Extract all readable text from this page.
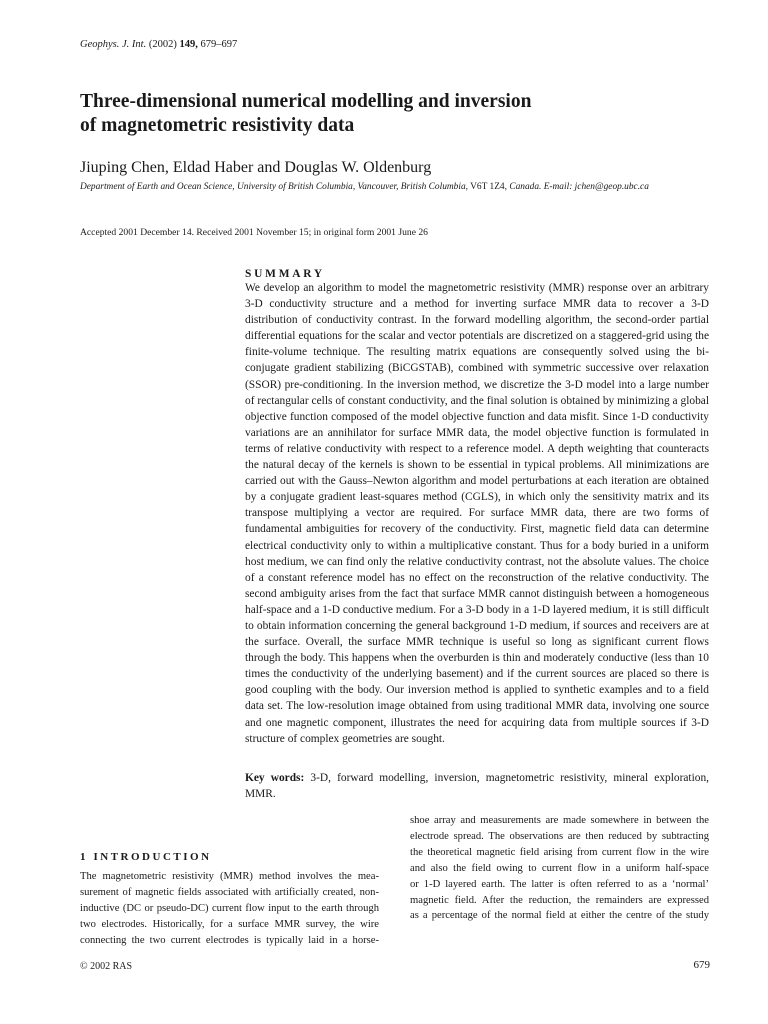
Geophys. J. Int. (2002) 149, 679–697
Three-dimensional numerical modelling and inversion
of magnetometric resistivity data
Jiuping Chen, Eldad Haber and Douglas W. Oldenburg
Department of Earth and Ocean Science, University of British Columbia, Vancouver, British Columbia, V6T 1Z4, Canada. E-mail: jchen@geop.ubc.ca
Accepted 2001 December 14. Received 2001 November 15; in original form 2001 June 26
SUMMARY
We develop an algorithm to model the magnetometric resistivity (MMR) response over an arbitrary 3-D conductivity structure and a method for inverting surface MMR data to recover a 3-D distribution of conductivity contrast. In the forward modelling algorithm, the second-order partial differential equations for the scalar and vector potentials are discretized on a staggered-grid using the finite-volume technique. The resulting matrix equations are consequently solved using the bi-conjugate gradient stabilizing (BiCGSTAB), combined with symmetric successive over relaxation (SSOR) pre-conditioning. In the inversion method, we discretize the 3-D model into a large number of rectangular cells of constant conductivity, and the final solution is obtained by minimizing a global objective function composed of the model objective function and data misfit. Since 1-D conductivity variations are an annihilator for surface MMR data, the model objective function is formulated in terms of relative conductivity with respect to a reference model. A depth weighting that counteracts the natural decay of the kernels is shown to be essential in typical problems. All minimizations are carried out with the Gauss–Newton algorithm and model perturbations at each iteration are obtained by a conjugate gradient least-squares method (CGLS), in which only the sensitivity matrix and its transpose multiplying a vector are required. For surface MMR data, there are two forms of fundamental ambiguities for recovery of the conductivity. First, magnetic field data can determine electrical conductivity only to within a multiplicative constant. Thus for a body buried in a uniform host medium, we can find only the relative conductivity contrast, not the absolute values. The choice of a constant reference model has no effect on the reconstruction of the relative conductivity. The second ambiguity arises from the fact that surface MMR cannot distinguish between a homogeneous half-space and a 1-D conductive medium. For a 3-D body in a 1-D layered medium, it is still difficult to obtain information concerning the general background 1-D medium, if sources and receivers are at the surface. Overall, the surface MMR technique is useful so long as significant current flows through the body. This happens when the overburden is thin and moderately conductive (less than 10 times the conductivity of the underlying basement) and if the current sources are placed so there is good coupling with the body. Our inversion method is applied to synthetic examples and to a field data set. The low-resolution image obtained from using traditional MMR data, involving one source and one magnetic component, illustrates the need for acquiring data from multiple sources if 3-D structure of complex geometries are sought.
Key words: 3-D, forward modelling, inversion, magnetometric resistivity, mineral exploration, MMR.
1 INTRODUCTION
The magnetometric resistivity (MMR) method involves the mea-
surement of magnetic fields associated with artificially created, non-
inductive (DC or pseudo-DC) current flow input to the earth through
two electrodes. Historically, for a surface MMR survey, the wire
connecting the two current electrodes is typically laid in a horse-
shoe array and measurements are made somewhere in between the
electrode spread. The observations are then reduced by subtracting
the theoretical magnetic field arising from current flow in the wire
and also the field owing to current flow in a uniform half-space
or 1-D layered earth. The latter is often referred to as a ‘normal’
magnetic field. After the reduction, the remainders are expressed
as a percentage of the normal field at either the centre of the study
© 2002 RAS	679
